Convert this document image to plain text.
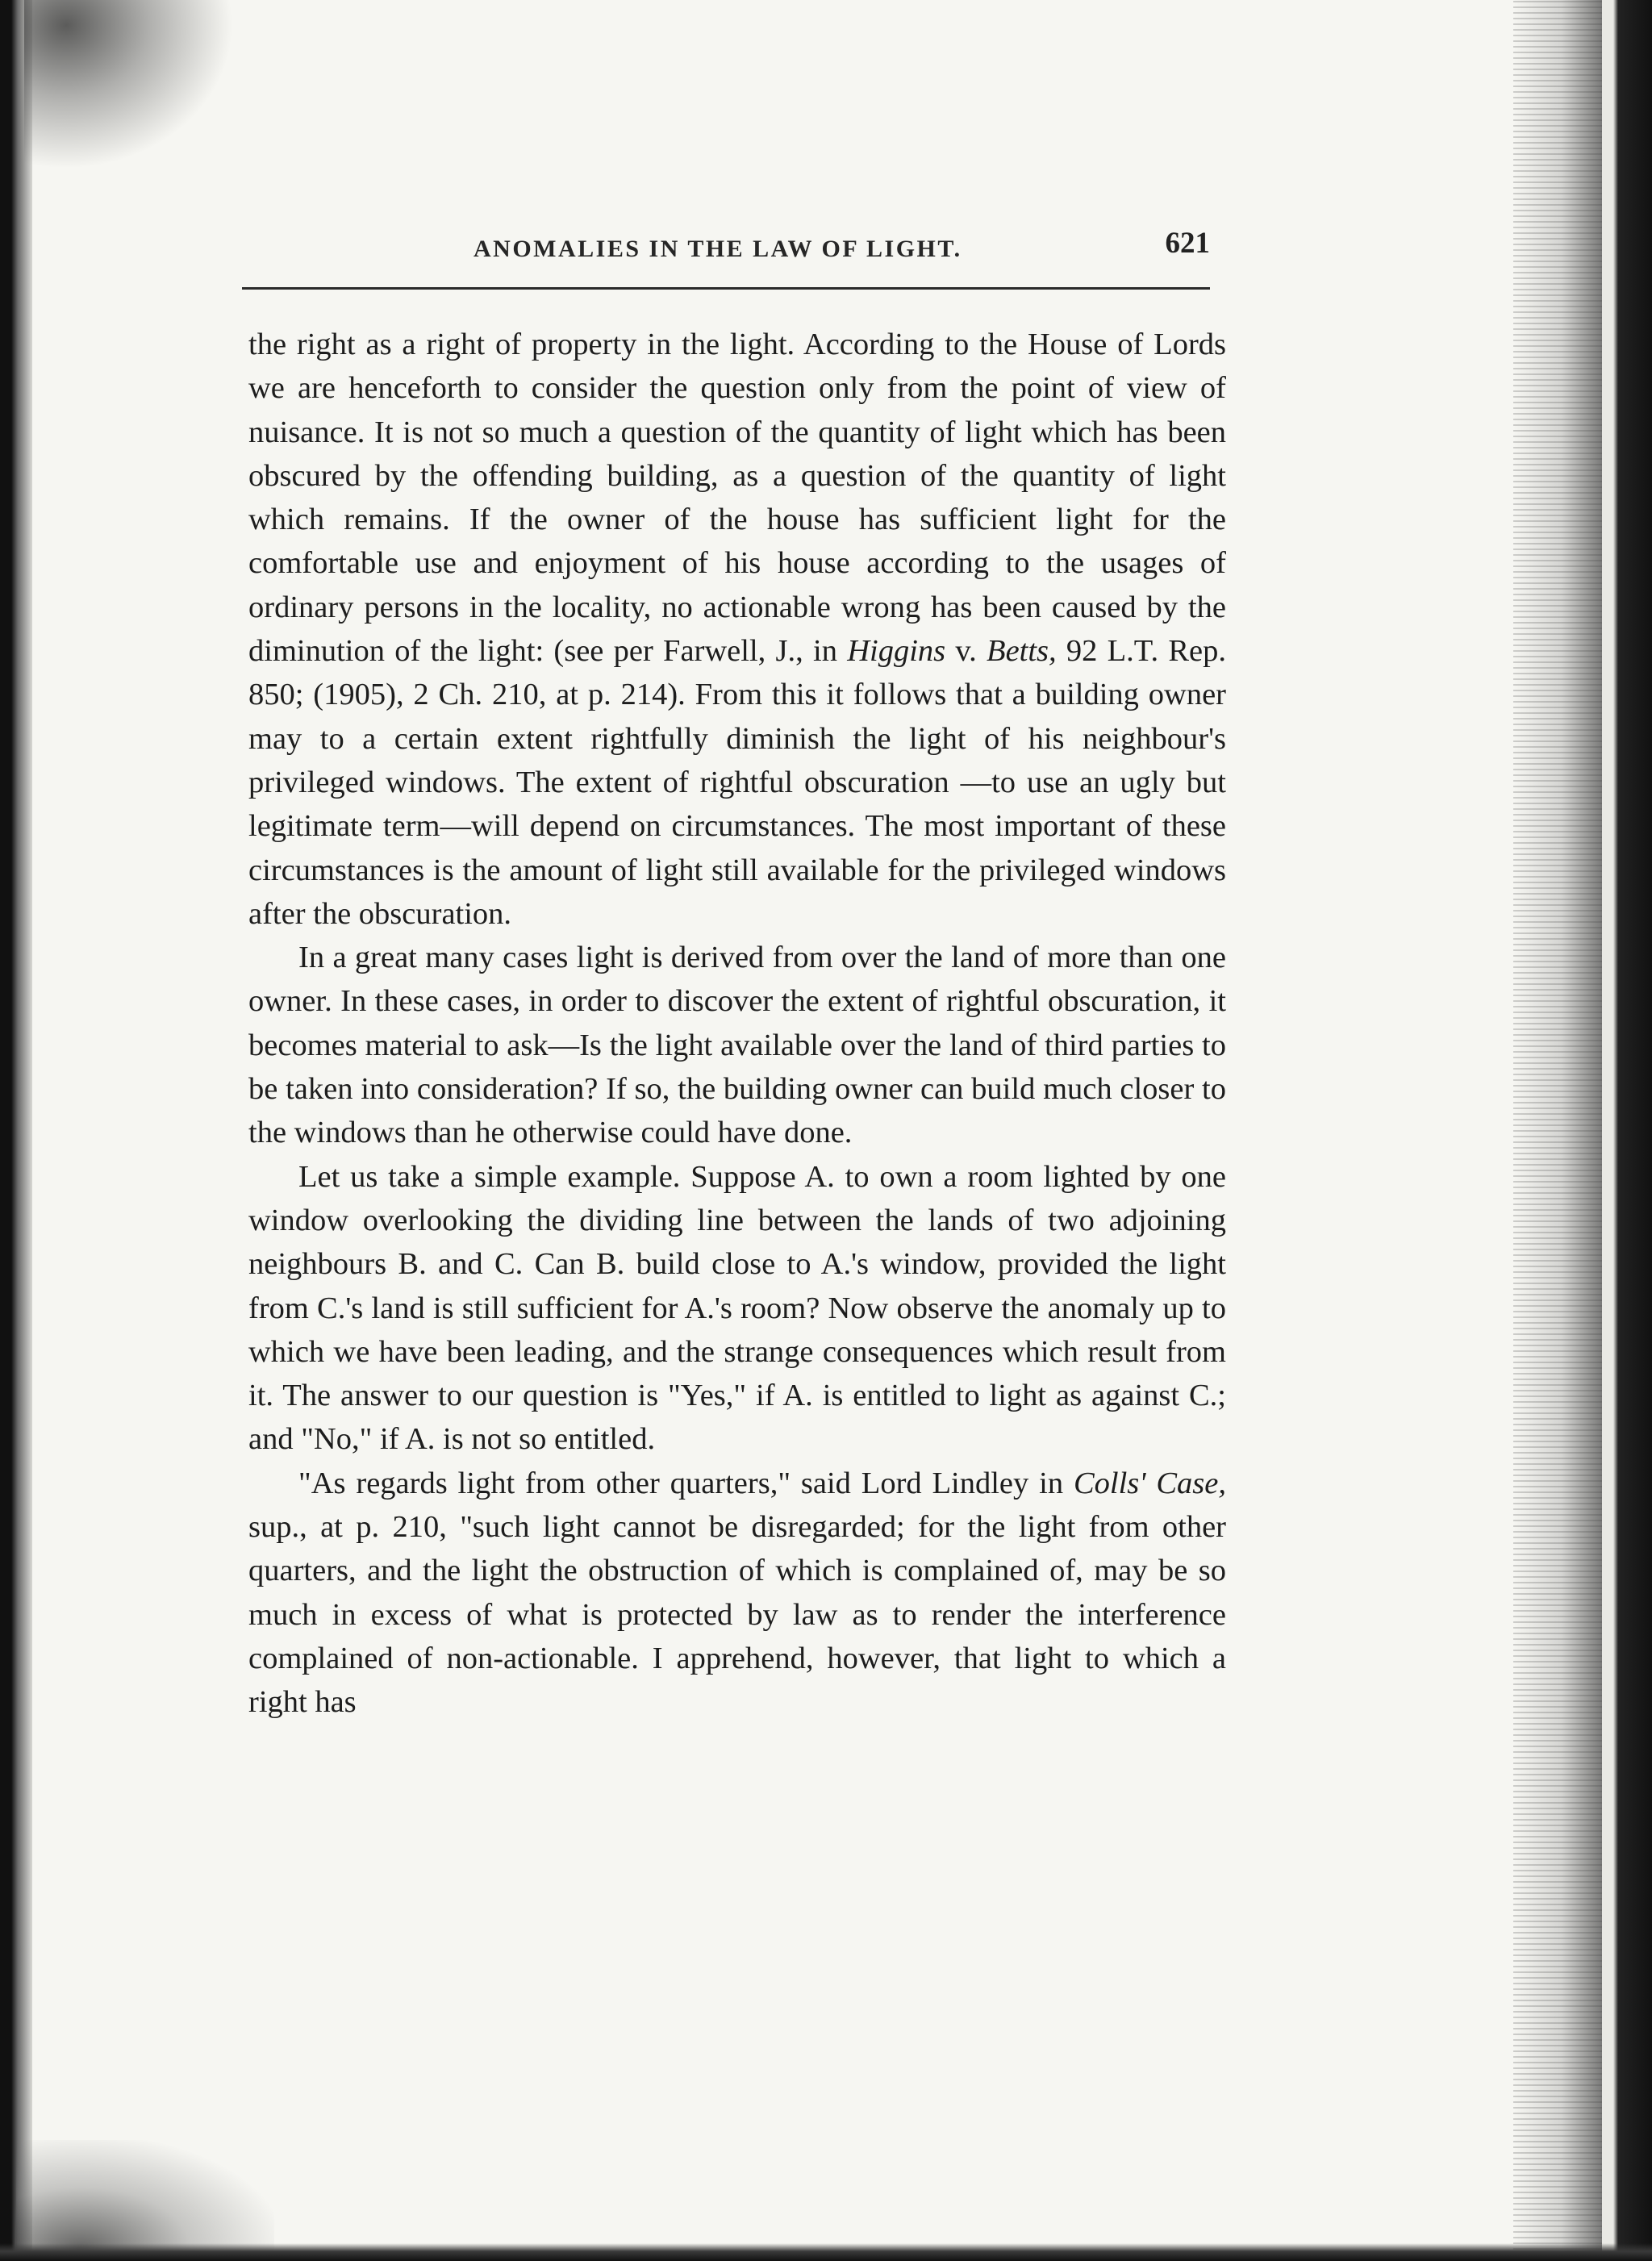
ANOMALIES IN THE LAW OF LIGHT.	621

the right as a right of property in the light. According to the House of Lords we are henceforth to consider the question only from the point of view of nuisance. It is not so much a question of the quantity of light which has been obscured by the offending building, as a question of the quantity of light which remains. If the owner of the house has sufficient light for the comfortable use and enjoyment of his house according to the usages of ordinary persons in the locality, no actionable wrong has been caused by the diminution of the light: (see per Farwell, J., in Higgins v. Betts, 92 L.T. Rep. 850; (1905), 2 Ch. 210, at p. 214). From this it follows that a building owner may to a certain extent rightfully diminish the light of his neighbour's privileged windows. The extent of rightful obscuration —to use an ugly but legitimate term—will depend on circumstances. The most important of these circumstances is the amount of light still available for the privileged windows after the obscuration.

In a great many cases light is derived from over the land of more than one owner. In these cases, in order to discover the extent of rightful obscuration, it becomes material to ask—Is the light available over the land of third parties to be taken into consideration? If so, the building owner can build much closer to the windows than he otherwise could have done.

Let us take a simple example. Suppose A. to own a room lighted by one window overlooking the dividing line between the lands of two adjoining neighbours B. and C. Can B. build close to A.'s window, provided the light from C.'s land is still sufficient for A.'s room? Now observe the anomaly up to which we have been leading, and the strange consequences which result from it. The answer to our question is "Yes," if A. is entitled to light as against C.; and "No," if A. is not so entitled.

"As regards light from other quarters," said Lord Lindley in Colls' Case, sup., at p. 210, "such light cannot be disregarded; for the light from other quarters, and the light the obstruction of which is complained of, may be so much in excess of what is protected by law as to render the interference complained of non-actionable. I apprehend, however, that light to which a right has
